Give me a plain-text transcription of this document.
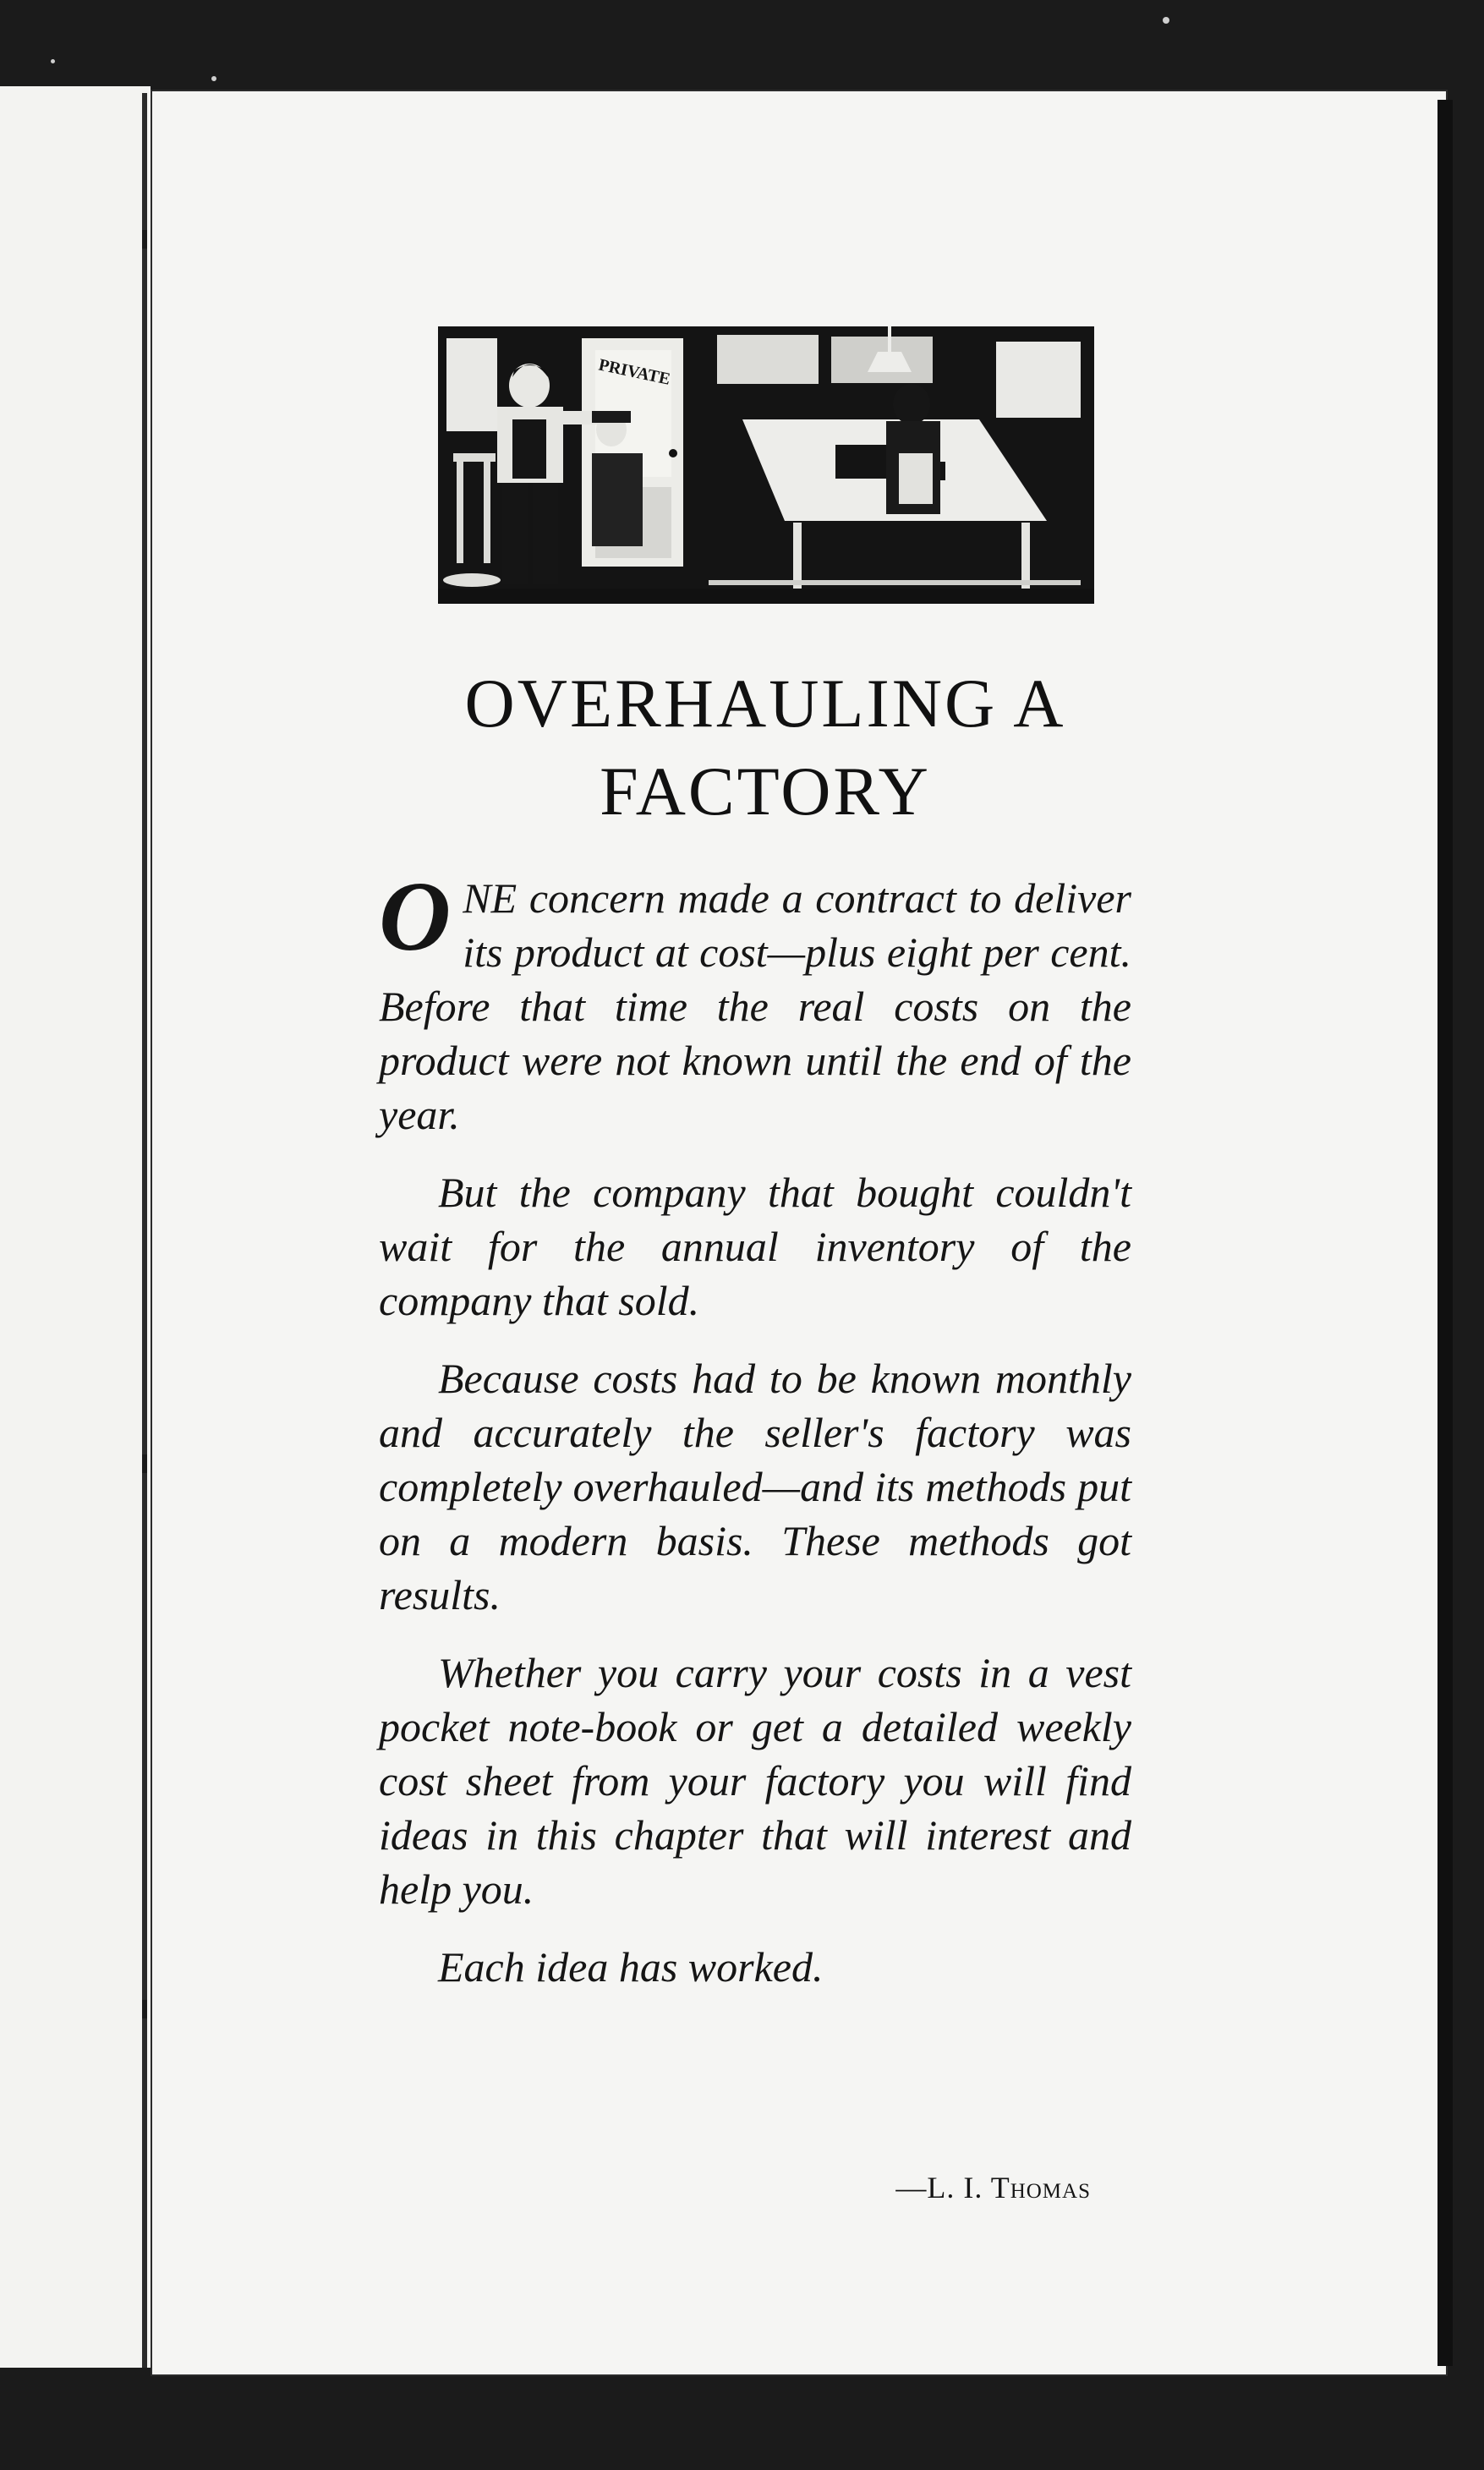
PRIVATE
OVERHAULING A
FACTORY

ONE concern made a contract to deliver its product at cost—plus eight per cent. Before that time the real costs on the product were not known until the end of the year.

But the company that bought couldn't wait for the annual inventory of the company that sold.

Because costs had to be known monthly and accurately the seller's factory was completely overhauled—and its methods put on a modern basis. These methods got results.

Whether you carry your costs in a vest pocket note-book or get a detailed weekly cost sheet from your factory you will find ideas in this chapter that will interest and help you.

Each idea has worked.

—L. I. Thomas
